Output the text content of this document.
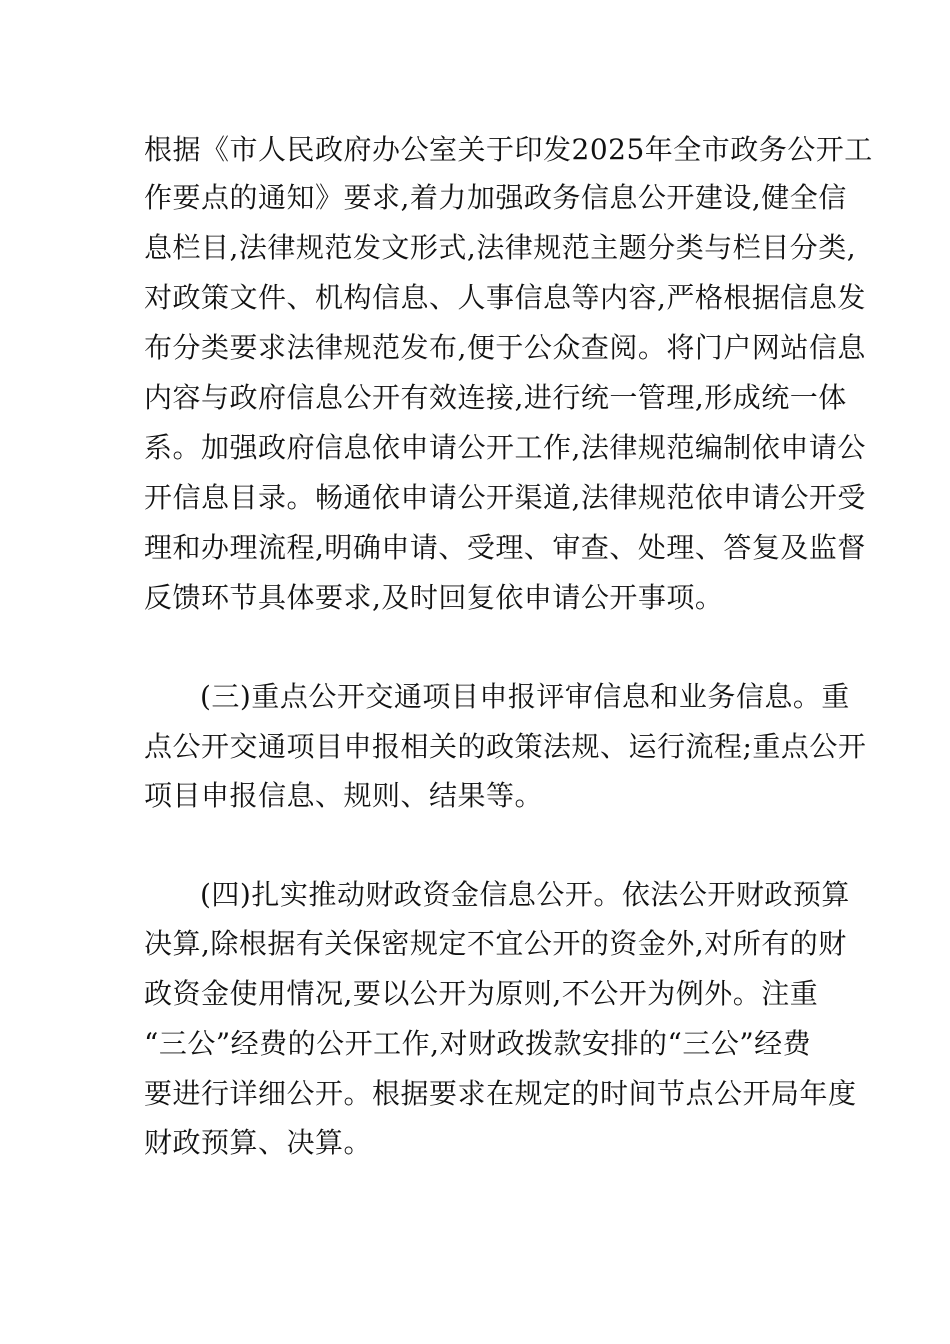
根据《市人民政府办公室关于印发2025年全市政务公开工
作要点的通知》要求,着力加强政务信息公开建设,健全信
息栏目,法律规范发文形式,法律规范主题分类与栏目分类,
对政策文件、机构信息、人事信息等内容,严格根据信息发
布分类要求法律规范发布,便于公众查阅。将门户网站信息
内容与政府信息公开有效连接,进行统一管理,形成统一体
系。加强政府信息依申请公开工作,法律规范编制依申请公
开信息目录。畅通依申请公开渠道,法律规范依申请公开受
理和办理流程,明确申请、受理、审查、处理、答复及监督
反馈环节具体要求,及时回复依申请公开事项。
(三)重点公开交通项目申报评审信息和业务信息。重
点公开交通项目申报相关的政策法规、运行流程;重点公开
项目申报信息、规则、结果等。
(四)扎实推动财政资金信息公开。依法公开财政预算
决算,除根据有关保密规定不宜公开的资金外,对所有的财
政资金使用情况,要以公开为原则,不公开为例外。注重
“三公”经费的公开工作,对财政拨款安排的“三公”经费
要进行详细公开。根据要求在规定的时间节点公开局年度
财政预算、决算。
